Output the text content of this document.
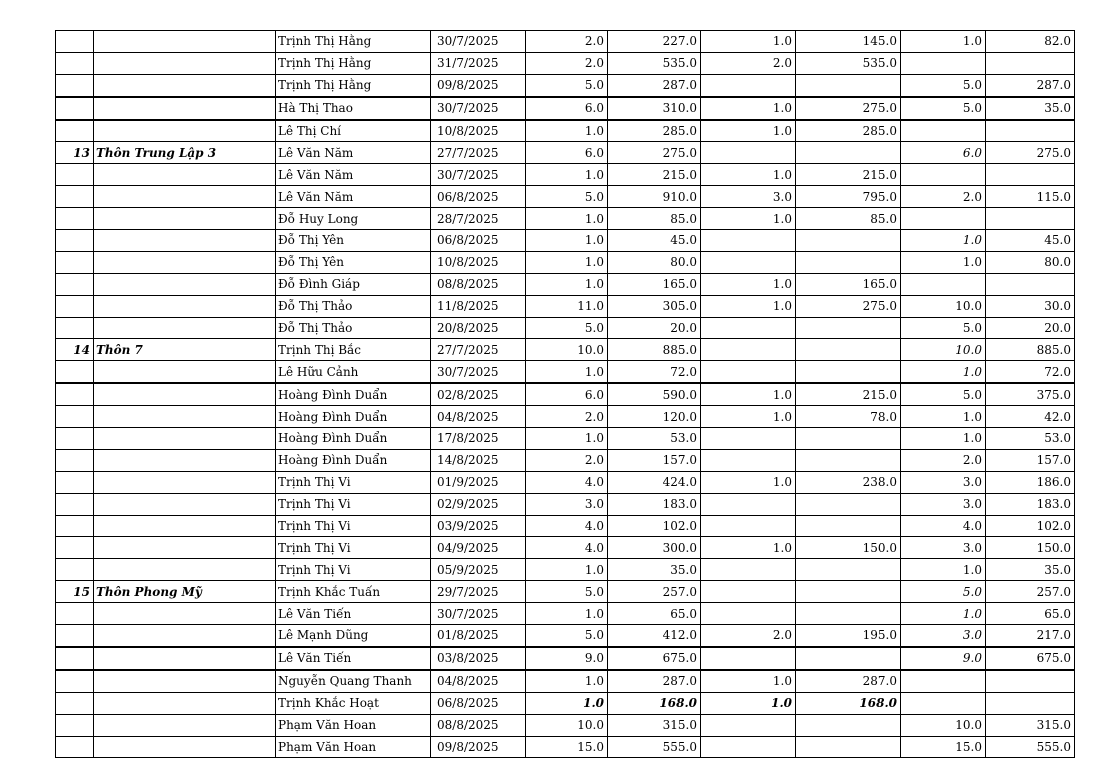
		Trịnh Thị Hằng	30/7/2025	2.0	227.0	1.0	145.0	1.0	82.0
		Trịnh Thị Hằng	31/7/2025	2.0	535.0	2.0	535.0		
		Trịnh Thị Hằng	09/8/2025	5.0	287.0			5.0	287.0
		Hà Thị Thao	30/7/2025	6.0	310.0	1.0	275.0	5.0	35.0
		Lê Thị Chí	10/8/2025	1.0	285.0	1.0	285.0		
13	Thôn Trung Lập 3	Lê Văn Năm	27/7/2025	6.0	275.0			6.0	275.0
		Lê Văn Năm	30/7/2025	1.0	215.0	1.0	215.0		
		Lê Văn Năm	06/8/2025	5.0	910.0	3.0	795.0	2.0	115.0
		Đỗ Huy Long	28/7/2025	1.0	85.0	1.0	85.0		
		Đỗ Thị Yên	06/8/2025	1.0	45.0			1.0	45.0
		Đỗ Thị Yên	10/8/2025	1.0	80.0			1.0	80.0
		Đỗ Đình Giáp	08/8/2025	1.0	165.0	1.0	165.0		
		Đỗ Thị Thảo	11/8/2025	11.0	305.0	1.0	275.0	10.0	30.0
		Đỗ Thị Thảo	20/8/2025	5.0	20.0			5.0	20.0
14	Thôn 7	Trịnh Thị Bắc	27/7/2025	10.0	885.0			10.0	885.0
		Lê Hữu Cảnh	30/7/2025	1.0	72.0			1.0	72.0
		Hoàng Đình Duẩn	02/8/2025	6.0	590.0	1.0	215.0	5.0	375.0
		Hoàng Đình Duẩn	04/8/2025	2.0	120.0	1.0	78.0	1.0	42.0
		Hoàng Đình Duẩn	17/8/2025	1.0	53.0			1.0	53.0
		Hoàng Đình Duẩn	14/8/2025	2.0	157.0			2.0	157.0
		Trịnh Thị Vi	01/9/2025	4.0	424.0	1.0	238.0	3.0	186.0
		Trịnh Thị Vi	02/9/2025	3.0	183.0			3.0	183.0
		Trịnh Thị Vi	03/9/2025	4.0	102.0			4.0	102.0
		Trịnh Thị Vi	04/9/2025	4.0	300.0	1.0	150.0	3.0	150.0
		Trịnh Thị Vi	05/9/2025	1.0	35.0			1.0	35.0
15	Thôn Phong Mỹ	Trịnh Khắc Tuấn	29/7/2025	5.0	257.0			5.0	257.0
		Lê Văn Tiến	30/7/2025	1.0	65.0			1.0	65.0
		Lê Mạnh Dũng	01/8/2025	5.0	412.0	2.0	195.0	3.0	217.0
		Lê Văn Tiến	03/8/2025	9.0	675.0			9.0	675.0
		Nguyễn Quang Thanh	04/8/2025	1.0	287.0	1.0	287.0		
		Trịnh Khắc Hoạt	06/8/2025	1.0	168.0	1.0	168.0		
		Phạm Văn Hoan	08/8/2025	10.0	315.0			10.0	315.0
		Phạm Văn Hoan	09/8/2025	15.0	555.0			15.0	555.0
